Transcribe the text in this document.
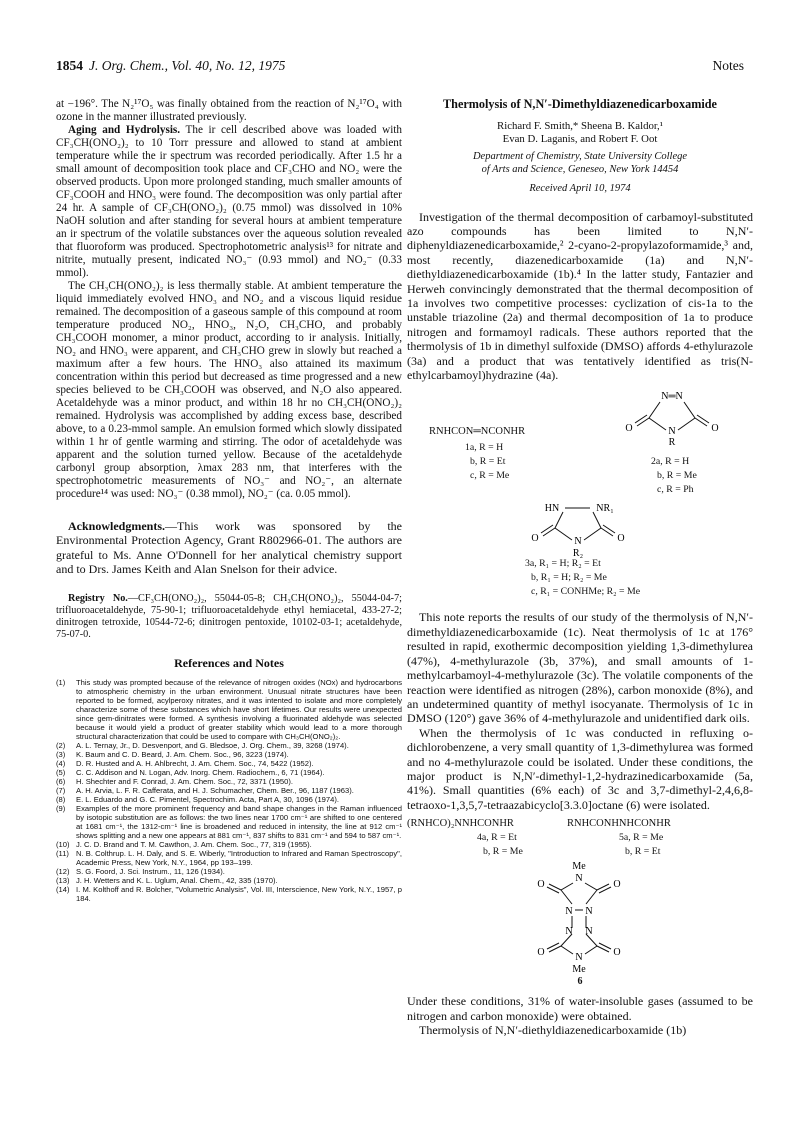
1854 J. Org. Chem., Vol. 40, No. 12, 1975	Notes

at −196°. The N₂¹⁷O₅ was finally obtained from the reaction of N₂¹⁷O₄ with ozone in the manner illustrated previously.

Aging and Hydrolysis. The ir cell described above was loaded with CF₃CH(ONO₂)₂ to 10 Torr pressure and allowed to stand at ambient temperature while the ir spectrum was recorded periodically. After 1.5 hr a small amount of decomposition took place and CF₃CHO and NO₂ were the observed products. Upon more prolonged standing, much smaller amounts of CF₃COOH and HNO₃ were found. The decomposition was only partial after 24 hr. A sample of CF₃CH(ONO₂)₂ (0.75 mmol) was dissolved in 10% NaOH solution and after standing for several hours at ambient temperature an ir spectrum of the volatile substances over the aqueous solution revealed that fluoroform was produced. Spectrophotometric analysis¹³ for nitrate and nitrite, mutually present, indicated NO₃⁻ (0.93 mmol) and NO₂⁻ (0.33 mmol).

The CH₃CH(ONO₂)₂ is less thermally stable. At ambient temperature the liquid immediately evolved HNO₃ and NO₂ and a viscous liquid residue remained. The decomposition of a gaseous sample of this compound at room temperature produced NO₂, HNO₃, N₂O, CH₃CHO, and probably CH₃COOH monomer, a minor product, according to ir analysis. Initially, NO₂ and HNO₃ were apparent, and CH₃CHO grew in slowly but reached a maximum after a few hours. The HNO₃ also attained its maximum concentration within this period but decreased as time progressed and a new species believed to be CH₃COOH was observed, and N₂O also appeared. Acetaldehyde was a minor product, and within 18 hr no CH₃CH(ONO₂)₂ remained. Hydrolysis was accomplished by adding excess base, described above, to a 0.23-mmol sample. An emulsion formed which slowly dissipated within 1 hr of gentle warming and stirring. The odor of acetaldehyde was apparent and the solution turned yellow. Because of the acetaldehyde carbonyl group absorption, λmax 283 nm, that interferes with the spectrophotometric measurements of NO₃⁻ and NO₂⁻, an alternate procedure¹⁴ was used: NO₃⁻ (0.38 mmol), NO₂⁻ (ca. 0.05 mmol).

Acknowledgments.—This work was sponsored by the Environmental Protection Agency, Grant R802966-01. The authors are grateful to Ms. Anne O'Donnell for her analytical chemistry support and to Drs. James Keith and Alan Snelson for their advice.

Registry No.—CF₃CH(ONO₂)₂, 55044-05-8; CH₃CH(ONO₂)₂, 55044-04-7; trifluoroacetaldehyde, 75-90-1; trifluoroacetaldehyde ethyl hemiacetal, 433-27-2; dinitrogen tetroxide, 10544-72-6; dinitrogen pentoxide, 10102-03-1; acetaldehyde, 75-07-0.

References and Notes
(1)	This study was prompted because of the relevance of nitrogen oxides (NOx) and hydrocarbons to atmospheric chemistry in the urban environment. Unusual nitrate structures have been reported to be formed, acylperoxy nitrates, and it was intented to isolate and more completely characterize some of these substances which have short lifetimes. Our results were unexpected since gem-dinitrates were formed. A synthesis involving a fluorinated aldehyde was selected because it would yield a product of greater stability which would lead to a more thorough structural characterization that could be used to compare with CH₃CH(ONO₂)₂.
(2)	A. L. Ternay, Jr., D. Desvenport, and G. Bledsoe, J. Org. Chem., 39, 3268 (1974).
(3)	K. Baum and C. D. Beard, J. Am. Chem. Soc., 96, 3223 (1974).
(4)	D. R. Husted and A. H. Ahlbrecht, J. Am. Chem. Soc., 74, 5422 (1952).
(5)	C. C. Addison and N. Logan, Adv. Inorg. Chem. Radiochem., 6, 71 (1964).
(6)	H. Shechter and F. Conrad, J. Am. Chem. Soc., 72, 3371 (1950).
(7)	A. H. Arvia, L. F. R. Cafferata, and H. J. Schumacher, Chem. Ber., 96, 1187 (1963).
(8)	E. L. Eduardo and G. C. Pimentel, Spectrochim. Acta, Part A, 30, 1096 (1974).
(9)	Examples of the more prominent frequency and band shape changes in the Raman influenced by isotopic substitution are as follows: the two lines near 1700 cm⁻¹ are shifted to one centered at 1681 cm⁻¹, the 1312-cm⁻¹ line is broadened and reduced in intensity, the line at 912 cm⁻¹ shows splitting and a new one appears at 881 cm⁻¹, 837 shifts to 831 cm⁻¹ and 594 to 587 cm⁻¹.
(10) J. C. D. Brand and T. M. Cawthon, J. Am. Chem. Soc., 77, 319 (1955).
(11) N. B. Colthrup. L. H. Daly, and S. E. Wiberly, "Introduction to Infrared and Raman Spectroscopy", Academic Press, New York, N.Y., 1964, pp 193–199.
(12) S. G. Foord, J. Sci. Instrum., 11, 126 (1934).
(13) J. H. Wetters and K. L. Uglum, Anal. Chem., 42, 335 (1970).
(14) I. M. Kolthoff and R. Bolcher, "Volumetric Analysis", Vol. III, Interscience, New York, N.Y., 1957, p 184.
Thermolysis of N,N′-Dimethyldiazenedicarboxamide
Richard F. Smith,* Sheena B. Kaldor,¹
Evan D. Laganis, and Robert F. Oot
Department of Chemistry, State University College
of Arts and Science, Geneseo, New York 14454
Received April 10, 1974

Investigation of the thermal decomposition of carbamoyl-substituted azo compounds has been limited to N,N′-diphenyldiazenedicarboxamide,² 2-cyano-2-propylazoformamide,³ and, most recently, diazenedicarboxamide (1a) and N,N′-diethyldiazenedicarboxamide (1b).⁴ In the latter study, Fantazier and Herweh convincingly demonstrated that the thermal decomposition of 1a involves two competitive processes: cyclization of cis-1a to the unstable triazoline (2a) and thermal decomposition of 1a to produce nitrogen and formamoyl radicals. These authors reported that the thermolysis of 1b in dimethyl sulfoxide (DMSO) affords 4-ethylurazole (3a) and a product that was tentatively identified as tris(N-ethylcarbamoyl)hydrazine (4a).

RNHCON═NCONHR
1a, R = H
b, R = Et
c, R = Me
N═N
N
R
O	O
2a, R = H
b, R = Me
c, R = Ph
HN	NR₁
N
R₂
O	O
3a, R₁ = H; R₂ = Et
b, R₁ = H; R₂ = Me
c, R₁ = CONHMe; R₂ = Me

This note reports the results of our study of the thermolysis of N,N′-dimethyldiazenedicarboxamide (1c). Neat thermolysis of 1c at 176° resulted in rapid, exothermic decomposition yielding 1,3-dimethylurea (47%), 4-methylurazole (3b, 37%), and small amounts of 1-methylcarbamoyl-4-methylurazole (3c). The volatile components of the reaction were identified as nitrogen (28%), carbon monoxide (8%), and an undetermined quantity of methyl isocyanate. Thermolysis of 1c in DMSO (120°) gave 36% of 4-methylurazole and unidentified dark oils.

When the thermolysis of 1c was conducted in refluxing o-dichlorobenzene, a very small quantity of 1,3-dimethylurea was formed and no 4-methylurazole could be isolated. Under these conditions, the major product is N,N′-dimethyl-1,2-hydrazinedicarboxamide (5a, 41%). Small quantities (6% each) of 3c and 3,7-dimethyl-2,4,6,8-tetraoxo-1,3,5,7-tetraazabicyclo[3.3.0]octane (6) were isolated.

(RNHCO)₂NNHCONHR
4a, R = Et
b, R = Me
RNHCONHNHCONHR
5a, R = Me
b, R = Et
Me
N
O	O
N N
N N
N
O	O
Me
6

Under these conditions, 31% of water-insoluble gases (assumed to be nitrogen and carbon monoxide) were obtained.

Thermolysis of N,N′-diethyldiazenedicarboxamide (1b)
